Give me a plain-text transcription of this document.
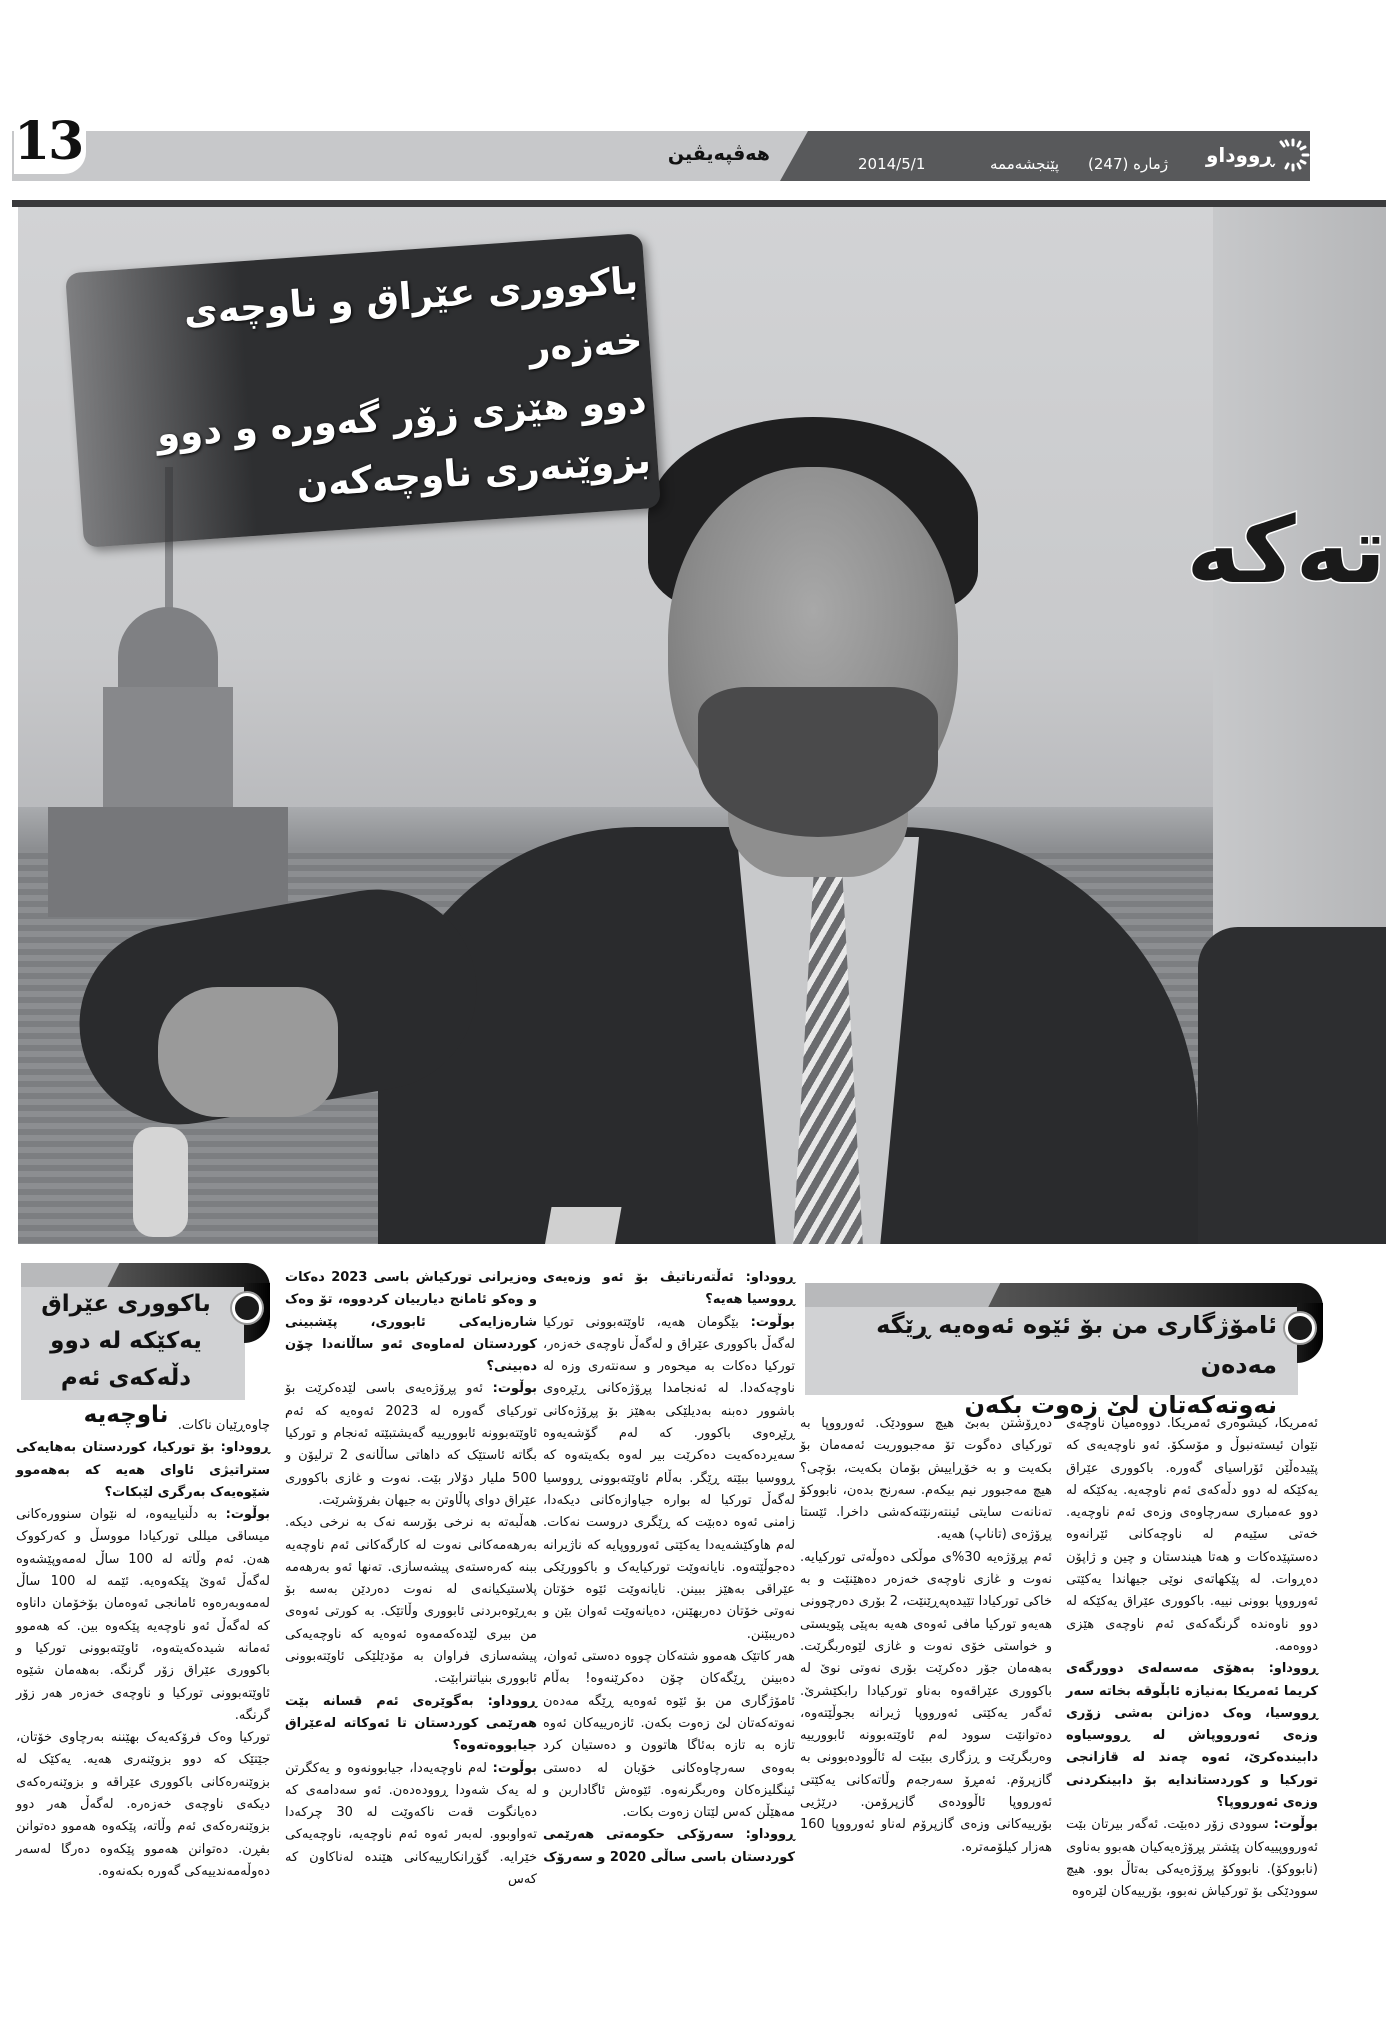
13	هەڤپەیڤین	2014/5/1	پێنجشەممە ژمارە (247) ڕووداو
تەکە
باکووری عێراق و ناوچەی خەزەر
دوو هێزی زۆر گەورە و دوو
بزوێنەری ناوچەکەن
ئامۆژگاری من بۆ ئێوە ئەوەیە ڕێگە مەدەن
نەوتەکەتان لێ زەوت بکەن
باکووری عێراق
یەکێکە لە دوو
دڵەکەی ئەم ناوچەیە	ئەمریکا، کیشوەری ئەمریکا. دووەمیان ناوچەی نێوان ئیستەنبوڵ و مۆسکۆ. ئەو ناوچەیەی کە پێیدەڵێن ئۆراسیای گەورە. باکووری عێراق یەکێکە لە دوو دڵەکەی ئەم ناوچەیە. یەکێکە لە دوو عەمباری سەرچاوەی وزەی ئەم ناوچەیە. خەتی سێیەم لە ناوچەکانی ئێرانەوە دەستپێدەکات و هەتا هیندستان و چین و ژاپۆن دەڕوات. لە پێکهاتەی نوێی جیهاندا یەکێتی ئەورووپا بوونی نییە. باکووری عێراق یەکێکە لە دوو ناوەندە گرنگەکەی ئەم ناوچەی هێزی دووەمە.

ڕووداو: بەهۆی مەسەلەی دوورگەی کریما ئەمریکا بەنیازە ئابڵوقە بخاتە سەر ڕووسیا، وەک دەزانن بەشی زۆری وزەی ئەورووپاش لە ڕووسیاوە دابیندەکرێ، ئەوە چەند لە قازانجی تورکیا و کوردستاندایە بۆ دابینکردنی وزەی ئەورووپا؟

بوڵوت: سوودی زۆر دەبێت. ئەگەر بیرتان بێت ئەورووپییەکان پێشتر پڕۆژەیەکیان هەبوو بەناوی (نابووکۆ). نابووکۆ پڕۆژەیەکی بەتاڵ بوو. هیچ سوودێکی بۆ تورکیاش نەبوو، بۆرییەکان لێرەوە

دەڕۆشتن بەبێ هیچ سوودێک. ئەورووپا بە تورکیای دەگوت تۆ مەجبووریت ئەمەمان بۆ بکەیت و بە خۆڕاییش بۆمان بکەیت، بۆچی؟ هیچ مەجبوور نیم بیکەم. سەرنج بدەن، نابووکۆ تەنانەت سایتی ئینتەرنێتەکەشی داخرا. ئێستا پڕۆژەی (تاناپ) هەیە.

ئەم پڕۆژەیە 30%ی موڵکی دەوڵەتی تورکیایە. نەوت و غازی ناوچەی خەزەر دەهێنێت و بە خاکی تورکیادا تێیدەپەڕێنێت، 2 بۆری دەرچوونی هەیەو تورکیا مافی ئەوەی هەیە بەپێی پێویستی و خواستی خۆی نەوت و غازی لێوەربگرێت. بەهەمان جۆر دەکرێت بۆری نەوتی نوێ لە باکووری عێراقەوە بەناو تورکیادا رابکێشرێ. ئەگەر یەکێتی ئەورووپا ژیرانە بجوڵێتەوە، دەتوانێت سوود لەم ئاوێتەبوونە ئابوورییە وەربگرێت و ڕزگاری ببێت لە ئاڵوودەبوونی بە گازپرۆم. ئەمڕۆ سەرجەم وڵاتەکانی یەکێتی ئەورووپا ئاڵوودەی گازپرۆمن. درێژیی بۆرییەکانی وزەی گازپرۆم لەناو ئەورووپا 160 هەزار کیلۆمەترە.

ڕووداو: ئەڵتەرناتیڤ بۆ ئەو وزەیەی ڕووسیا هەیە؟

بوڵوت: بێگومان هەیە، ئاوێتەبوونی تورکیا لەگەڵ باکووری عێراق و لەگەڵ ناوچەی خەزەر، تورکیا دەکات بە میحوەر و سەنتەری وزە لە ناوچەکەدا. لە ئەنجامدا پڕۆژەکانی ڕێڕەوی باشوور دەبنە بەدیلێکی بەهێز بۆ پڕۆژەکانی ڕێڕەوی باکوور. کە لەم گۆشەیەوە سەیردەکەیت دەکرێت بیر لەوە بکەیتەوە کە ڕووسیا ببێتە ڕێگر. بەڵام ئاوێتەبوونی ڕووسیا لەگەڵ تورکیا لە بوارە جیاوازەکانی دیکەدا، زامنی ئەوە دەبێت کە ڕێگری دروست نەکات. لەم هاوکێشەیەدا یەکێتی ئەورووپایە کە ناژیرانە دەجوڵێتەوە. نایانەوێت تورکیایەک و باکوورێکی عێراقی بەهێز ببینن. نایانەوێت ئێوە خۆتان نەوتی خۆتان دەربهێنن، دەیانەوێت ئەوان بێن و دەریبێنن.

هەر کاتێک هەموو شتەکان چووە دەستی ئەوان، دەبینن ڕێگەکان چۆن دەکرێنەوە! بەڵام ئامۆژگاری من بۆ ئێوە ئەوەیە ڕێگە مەدەن نەوتەکەتان لێ زەوت بکەن. ئازەرییەکان ئەوە تازە بە تازە بەئاگا هاتوون و دەستیان کرد بەوەی سەرچاوەکانی خۆیان لە دەستی ئینگلیزەکان وەربگرنەوە. ئێوەش ئاگاداربن و مەهێڵن کەس لێتان زەوت بکات.

ڕووداو: سەرۆکی حکومەتی هەرێمی کوردستان باسی ساڵی 2020 و سەرۆک

وەزیرانی تورکیاش باسی 2023 دەکات و وەکو ئامانج دیارییان کردووە، تۆ وەک شارەزایەکی ئابووری، پێشبینی کوردستان لەماوەی ئەو ساڵانەدا چۆن دەبینی؟

بوڵوت: ئەو پڕۆژەیەی باسی لێدەکرێت بۆ تورکیای گەورە لە 2023 ئەوەیە کە ئەم ئاوێتەبوونە ئابوورییە گەیشتبێتە ئەنجام و تورکیا بگاتە ئاستێک کە داهاتی ساڵانەی 2 ترلیۆن و 500 ملیار دۆلار بێت. نەوت و غازی باکووری عێراق دوای پاڵاوتن بە جیهان بفرۆشرێت.

هەڵبەتە بە نرخی بۆرسە نەک بە نرخی دیکە. بەرهەمەکانی نەوت لە کارگەکانی ئەم ناوچەیە ببنە کەرەستەی پیشەسازی. تەنها ئەو بەرهەمە پلاستیکیانەی لە نەوت دەردێن بەسە بۆ بەڕێوەبردنی ئابووری وڵاتێک. بە کورتی ئەوەی من بیری لێدەکەمەوە ئەوەیە کە ناوچەیەکی پیشەسازی فراوان بە مۆدێلێکی ئاوێتەبوونی ئابووری بنیاتنرابێت.

ڕووداو: بەگوێرەی ئەم قسانە بێت هەرێمی کوردستان تا ئەوکاتە لەعێراق جیابووەتەوە؟

بوڵوت: لەم ناوچەیەدا، جیابوونەوە و یەکگرتن لە یەک شەودا ڕوودەدەن. ئەو سەدامەی کە دەیانگوت قەت ناکەوێت لە 30 چرکەدا تەواوبوو. لەبەر ئەوە ئەم ناوچەیە، ناوچەیەکی خێرایە. گۆڕانکارییەکانی هێندە لەناکاون کە کەس

چاوەڕێیان ناکات.

ڕووداو: بۆ تورکیا، کوردستان بەهایەکی ستراتیژی ئاوای هەیە کە بەهەموو شێوەیەک بەرگری لێبکات؟

بوڵوت: بە دڵنیاییەوە، لە نێوان سنوورەکانی میساقی میللی تورکیادا مووسڵ و کەرکووک هەن. ئەم وڵاتە لە 100 ساڵ لەمەوپێشەوە لەگەڵ ئەوێ پێکەوەیە. ئێمە لە 100 ساڵ لەمەوبەرەوە ئامانجی ئەوەمان بۆخۆمان داناوە کە لەگەڵ ئەو ناوچەیە پێکەوە بین. کە هەموو ئەمانە شیدەکەیتەوە، ئاوێتەبوونی تورکیا و باکووری عێراق زۆر گرنگە. بەهەمان شێوە ئاوێتەبوونی تورکیا و ناوچەی خەزەر هەر زۆر گرنگە.

تورکیا وەک فرۆکەیەک بهێننە بەرچاوی خۆتان، جێتێک کە دوو بزوێنەری هەیە. یەکێک لە بزوێنەرەکانی باکووری عێراقە و بزوێنەرەکەی دیکەی ناوچەی خەزەرە. لەگەڵ هەر دوو بزوێنەرەکەی ئەم وڵاتە، پێکەوە هەموو دەتوانن بفڕن. دەتوانن هەموو پێکەوە دەرگا لەسەر دەوڵەمەندییەکی گەورە بکەنەوە.
